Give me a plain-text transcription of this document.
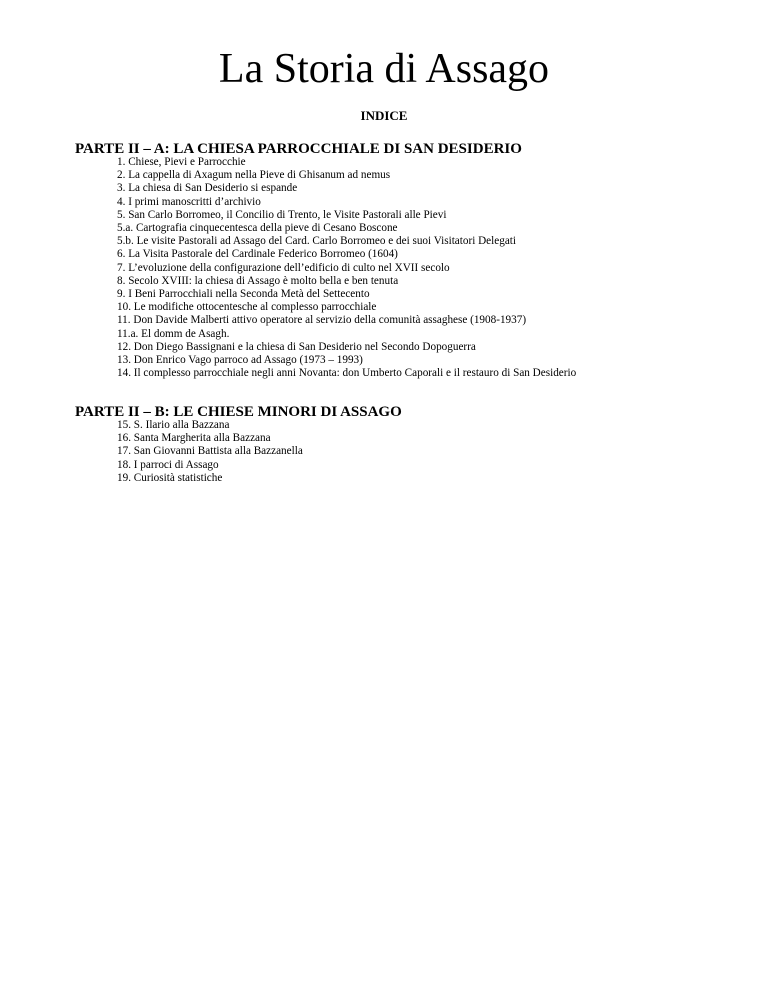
La Storia di Assago
INDICE
PARTE II – A: LA CHIESA PARROCCHIALE DI SAN DESIDERIO
1. Chiese, Pievi e Parrocchie
2. La cappella di Axagum nella Pieve di Ghisanum ad nemus
3. La chiesa di San Desiderio si espande
4. I primi manoscritti d’archivio
5. San Carlo Borromeo, il Concilio di Trento, le Visite Pastorali alle Pievi
5.a. Cartografia cinquecentesca della pieve di Cesano Boscone
5.b. Le visite Pastorali ad Assago del Card. Carlo Borromeo e dei suoi Visitatori Delegati
6. La Visita Pastorale del Cardinale Federico Borromeo (1604)
7. L’evoluzione della configurazione dell’edificio di culto nel XVII secolo
8. Secolo XVIII: la chiesa di Assago è molto bella e ben tenuta
9. I Beni Parrocchiali nella Seconda Metà del Settecento
10. Le modifiche ottocentesche al complesso parrocchiale
11. Don Davide Malberti attivo operatore al servizio della comunità assaghese (1908-1937)
11.a. El domm de Asagh.
12. Don Diego Bassignani e la chiesa di San Desiderio nel Secondo Dopoguerra
13. Don Enrico Vago parroco ad Assago (1973 – 1993)
14. Il complesso parrocchiale negli anni Novanta: don Umberto Caporali e il restauro di San Desiderio
PARTE II – B: LE CHIESE MINORI DI ASSAGO
15. S. Ilario alla Bazzana
16. Santa Margherita alla Bazzana
17. San Giovanni Battista alla Bazzanella
18. I parroci di Assago
19. Curiosità statistiche
